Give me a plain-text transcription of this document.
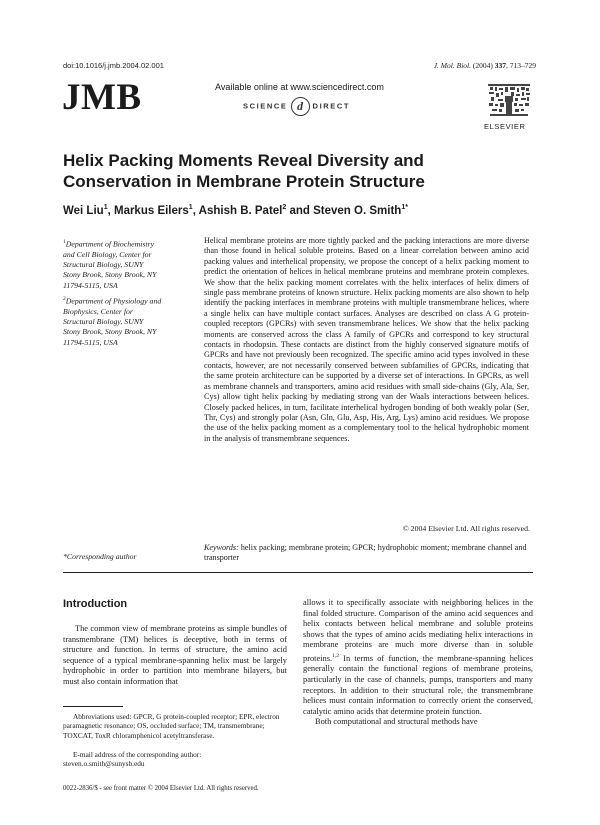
doi:10.1016/j.jmb.2004.02.001	J. Mol. Biol. (2004) 337, 713–729
JMB	Available online at www.sciencedirect.com
SCIENCE d DIRECT
ELSEVIER
Helix Packing Moments Reveal Diversity and
Conservation in Membrane Protein Structure
Wei Liu$^1$, Markus Eilers$^1$, Ashish B. Patel$^2$ and Steven O. Smith$^{1*}$
$^1$Department of Biochemistry
and Cell Biology, Center for
Structural Biology, SUNY
Stony Brook, Stony Brook, NY
11794-5115, USA
$^2$Department of Physiology and
Biophysics, Center for
Structural Biology, SUNY
Stony Brook, Stony Brook, NY
11794-5115, USA

Helical membrane proteins are more tightly packed and the packing interactions are more diverse than those found in helical soluble proteins. Based on a linear correlation between amino acid packing values and interhelical propensity, we propose the concept of a helix packing moment to predict the orientation of helices in helical membrane proteins and membrane protein complexes. We show that the helix packing moment correlates with the helix interfaces of helix dimers of single pass membrane proteins of known structure. Helix packing moments are also shown to help identify the packing interfaces in membrane proteins with multiple transmembrane helices, where a single helix can have multiple contact surfaces. Analyses are described on class A G protein-coupled receptors (GPCRs) with seven transmembrane helices. We show that the helix packing moments are conserved across the class A family of GPCRs and correspond to key structural contacts in rhodopsin. These contacts are distinct from the highly conserved signature motifs of GPCRs and have not previously been recognized. The specific amino acid types involved in these contacts, however, are not necessarily conserved between subfamilies of GPCRs, indicating that the same protein architecture can be supported by a diverse set of interactions. In GPCRs, as well as membrane channels and transporters, amino acid residues with small side-chains (Gly, Ala, Ser, Cys) allow tight helix packing by mediating strong van der Waals interactions between helices. Closely packed helices, in turn, facilitate interhelical hydrogen bonding of both weakly polar (Ser, Thr, Cys) and strongly polar (Asn, Gln, Glu, Asp, His, Arg, Lys) amino acid residues. We propose the use of the helix packing moment as a complementary tool to the helical hydrophobic moment in the analysis of transmembrane sequences.

© 2004 Elsevier Ltd. All rights reserved.
*Corresponding author
Keywords: helix packing; membrane protein; GPCR; hydrophobic moment; membrane channel and transporter
Introduction

The common view of membrane proteins as simple bundles of transmembrane (TM) helices is deceptive, both in terms of structure and function. In terms of structure, the amino acid sequence of a typical membrane-spanning helix must be largely hydrophobic in order to partition into membrane bilayers, but must also contain information that

allows it to specifically associate with neighboring helices in the final folded structure. Comparison of the amino acid sequences and helix contacts between helical membrane and soluble proteins shows that the types of amino acids mediating helix interactions in membrane proteins are much more diverse than in soluble proteins.$^{1,2}$ In terms of function, the membrane-spanning helices generally contain the functional regions of membrane proteins, particularly in the case of channels, pumps, transporters and many receptors. In addition to their structural role, the transmembrane helices must contain information to correctly orient the conserved, catalytic amino acids that determine protein function.
Both computational and structural methods have

Abbreviations used: GPCR, G protein-coupled receptor; EPR, electron paramagnetic resonance; OS, occluded surface; TM, transmembrane; TOXCAT, ToxR chloramphenicol acetyltransferase.
E-mail address of the corresponding author:
steven.o.smith@sunysb.edu
0022-2836/$ - see front matter © 2004 Elsevier Ltd. All rights reserved.
